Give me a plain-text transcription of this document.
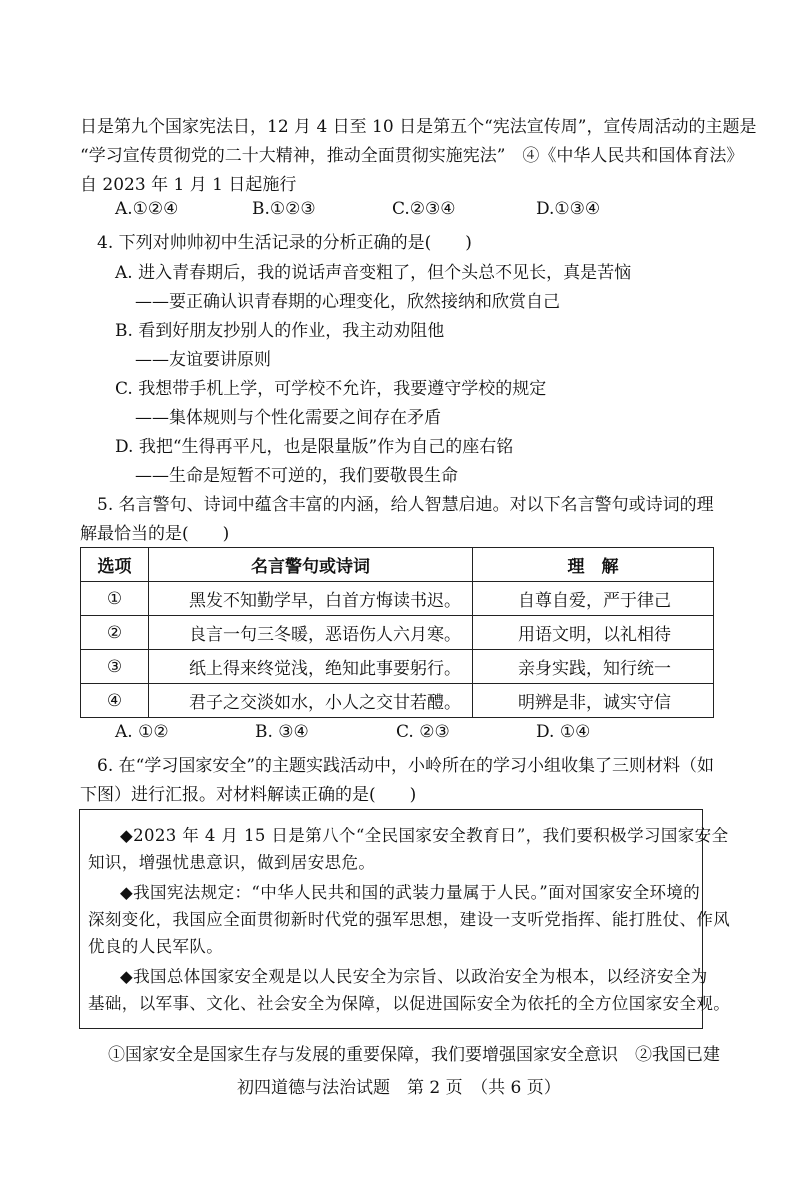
日是第九个国家宪法日，12 月 4 日至 10 日是第五个“宪法宣传周”，宣传周活动的主题是
“学习宣传贯彻党的二十大精神，推动全面贯彻实施宪法”　④《中华人民共和国体育法》
自 2023 年 1 月 1 日起施行
A.①②④	B.①②③	C.②③④	D.①③④
4. 下列对帅帅初中生活记录的分析正确的是(　　)
A. 进入青春期后，我的说话声音变粗了，但个头总不见长，真是苦恼
——要正确认识青春期的心理变化，欣然接纳和欣赏自己
B. 看到好朋友抄别人的作业，我主动劝阻他
——友谊要讲原则
C. 我想带手机上学，可学校不允许，我要遵守学校的规定
——集体规则与个性化需要之间存在矛盾
D. 我把“生得再平凡，也是限量版”作为自己的座右铭
——生命是短暂不可逆的，我们要敬畏生命
5. 名言警句、诗词中蕴含丰富的内涵，给人智慧启迪。对以下名言警句或诗词的理
解最恰当的是(　　)
选项	名言警句或诗词	理　解
①	黑发不知勤学早，白首方悔读书迟。	自尊自爱，严于律己
②	良言一句三冬暖，恶语伤人六月寒。	用语文明，以礼相待
③	纸上得来终觉浅，绝知此事要躬行。	亲身实践，知行统一
④	君子之交淡如水，小人之交甘若醴。	明辨是非，诚实守信
A. ①②	B. ③④	C. ②③	D. ①④
6. 在“学习国家安全”的主题实践活动中，小岭所在的学习小组收集了三则材料（如
下图）进行汇报。对材料解读正确的是(　　)
◆2023 年 4 月 15 日是第八个“全民国家安全教育日”，我们要积极学习国家安全
知识，增强忧患意识，做到居安思危。
◆我国宪法规定：“中华人民共和国的武装力量属于人民。”面对国家安全环境的
深刻变化，我国应全面贯彻新时代党的强军思想，建设一支听党指挥、能打胜仗、作风
优良的人民军队。
◆我国总体国家安全观是以人民安全为宗旨、以政治安全为根本，以经济安全为
基础，以军事、文化、社会安全为保障，以促进国际安全为依托的全方位国家安全观。
①国家安全是国家生存与发展的重要保障，我们要增强国家安全意识　②我国已建
初四道德与法治试题　第 2 页　（共 6 页）
